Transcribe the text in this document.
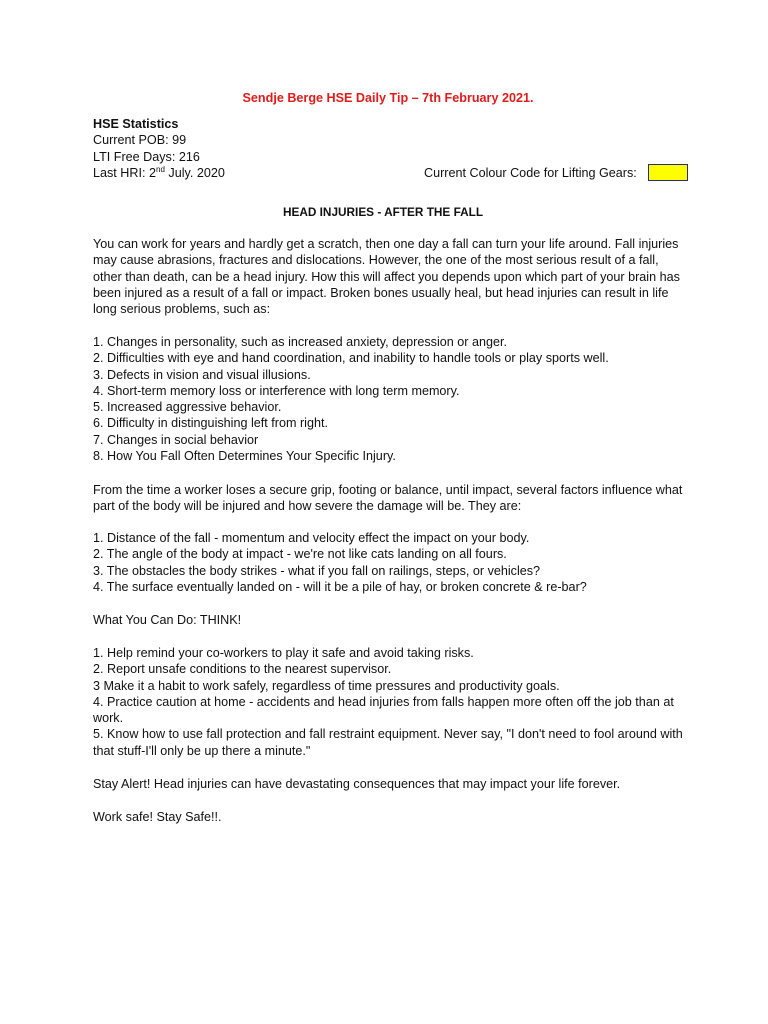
Sendje Berge HSE Daily Tip – 7th February 2021.
HSE Statistics
Current POB: 99
LTI Free Days: 216
Last HRI: 2nd July. 2020	Current Colour Code for Lifting Gears:
HEAD INJURIES - AFTER THE FALL

You can work for years and hardly get a scratch, then one day a fall can turn your life around. Fall injuries may cause abrasions, fractures and dislocations. However, the one of the most serious result of a fall, other than death, can be a head injury. How this will affect you depends upon which part of your brain has been injured as a result of a fall or impact. Broken bones usually heal, but head injuries can result in life long serious problems, such as:

1. Changes in personality, such as increased anxiety, depression or anger.
2. Difficulties with eye and hand coordination, and inability to handle tools or play sports well.
3. Defects in vision and visual illusions.
4. Short-term memory loss or interference with long term memory.
5. Increased aggressive behavior.
6. Difficulty in distinguishing left from right.
7. Changes in social behavior
8. How You Fall Often Determines Your Specific Injury.

From the time a worker loses a secure grip, footing or balance, until impact, several factors influence what part of the body will be injured and how severe the damage will be. They are:

1. Distance of the fall - momentum and velocity effect the impact on your body.
2. The angle of the body at impact - we're not like cats landing on all fours.
3. The obstacles the body strikes - what if you fall on railings, steps, or vehicles?
4. The surface eventually landed on - will it be a pile of hay, or broken concrete & re-bar?
What You Can Do: THINK!
1. Help remind your co-workers to play it safe and avoid taking risks.
2. Report unsafe conditions to the nearest supervisor.
3 Make it a habit to work safely, regardless of time pressures and productivity goals.
4. Practice caution at home - accidents and head injuries from falls happen more often off the job than at work.
5. Know how to use fall protection and fall restraint equipment. Never say, "I don't need to fool around with that stuff-I'll only be up there a minute."
Stay Alert! Head injuries can have devastating consequences that may impact your life forever.
Work safe! Stay Safe!!.
